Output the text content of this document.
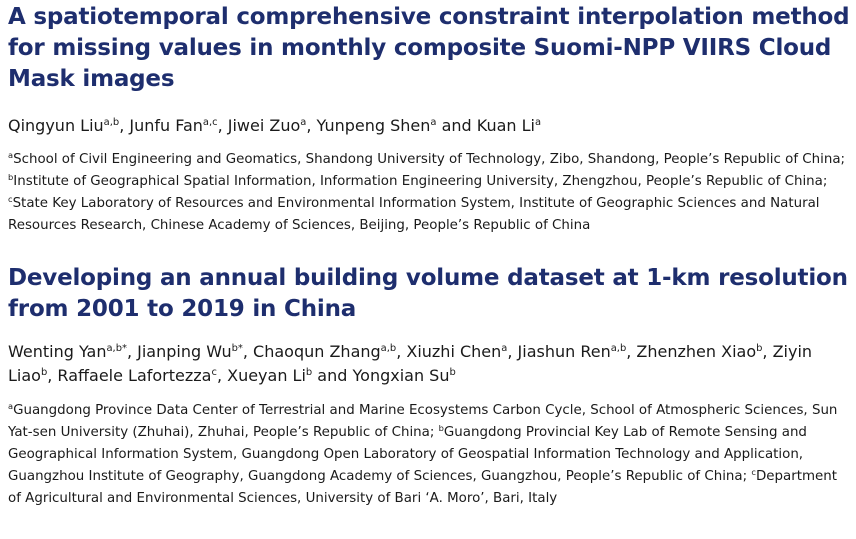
A spatiotemporal comprehensive constraint interpolation method for missing values in monthly composite Suomi-NPP VIIRS Cloud Mask images

Qingyun Liu$^{a,b}$, Junfu Fan$^{a,c}$, Jiwei Zuo$^a$, Yunpeng Shen$^a$ and Kuan Li$^a$

$^a$School of Civil Engineering and Geomatics, Shandong University of Technology, Zibo, Shandong, People’s Republic of China; $^b$Institute of Geographical Spatial Information, Information Engineering University, Zhengzhou, People’s Republic of China; $^c$State Key Laboratory of Resources and Environmental Information System, Institute of Geographic Sciences and Natural Resources Research, Chinese Academy of Sciences, Beijing, People’s Republic of China

Developing an annual building volume dataset at 1-km resolution from 2001 to 2019 in China

Wenting Yan$^{a,b*}$, Jianping $Wu^{b*}$, Chaoqun Zhang$^{a,b}$, Xiuzhi Chen$^a$, Jiashun Ren$^{a,b}$, Zhenzhen Xiao$^b$, Ziyin Liao$^b$, Raffaele Lafortezza$^c$, Xueyan Li$^b$ and Yongxian Su$^b$

$^a$Guangdong Province Data Center of Terrestrial and Marine Ecosystems Carbon Cycle, School of Atmospheric Sciences, Sun Yat-sen University (Zhuhai), Zhuhai, People’s Republic of China; $^b$Guangdong Provincial Key Lab of Remote Sensing and Geographical Information System, Guangdong Open Laboratory of Geospatial Information Technology and Application, Guangzhou Institute of Geography, Guangdong Academy of Sciences, Guangzhou, People’s Republic of China; $^c$Department of Agricultural and Environmental Sciences, University of Bari ‘A. Moro’, Bari, Italy
